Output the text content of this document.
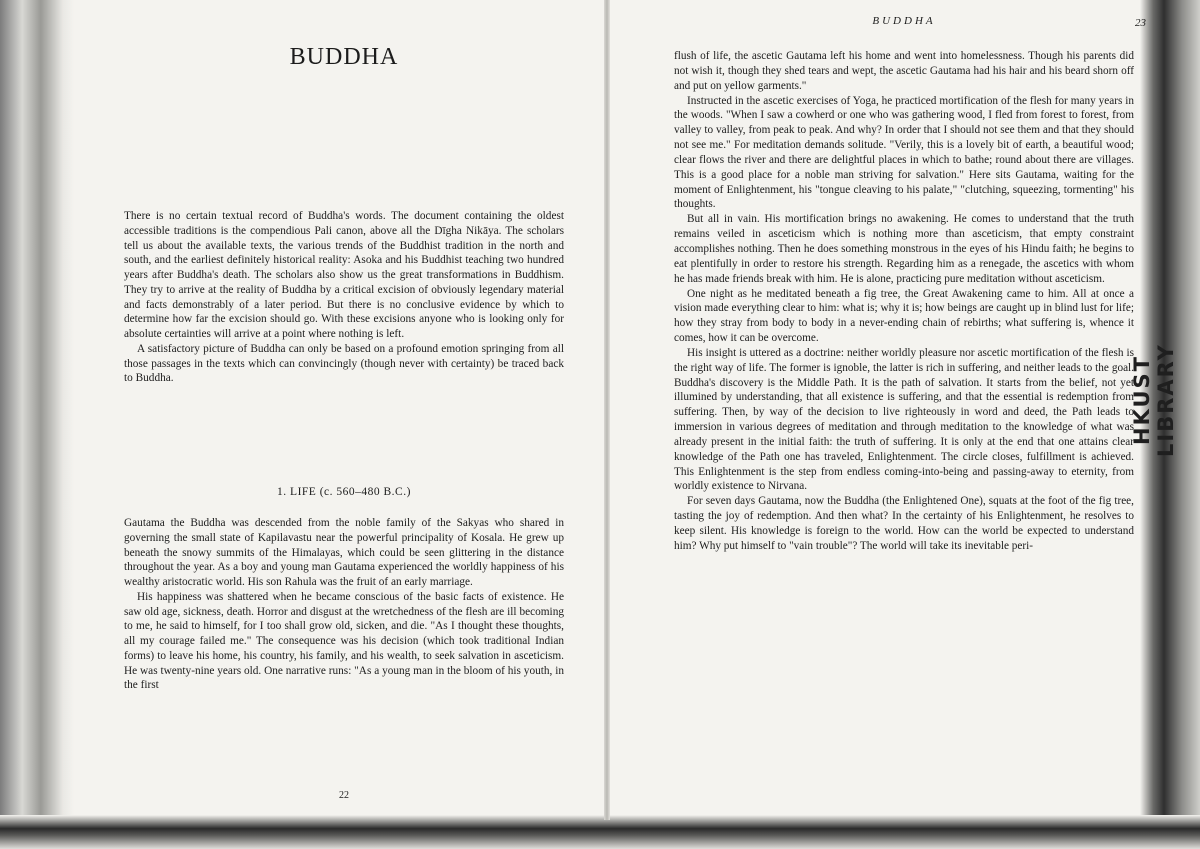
BUDDHA

There is no certain textual record of Buddha's words. The document containing the oldest accessible traditions is the compendious Pali canon, above all the Dīgha Nikāya. The scholars tell us about the available texts, the various trends of the Buddhist tradition in the north and south, and the earliest definitely historical reality: Asoka and his Buddhist teaching two hundred years after Buddha's death. The scholars also show us the great transformations in Buddhism. They try to arrive at the reality of Buddha by a critical excision of obviously legendary material and facts demonstrably of a later period. But there is no conclusive evidence by which to determine how far the excision should go. With these excisions anyone who is looking only for absolute certainties will arrive at a point where nothing is left.

A satisfactory picture of Buddha can only be based on a profound emotion springing from all those passages in the texts which can convincingly (though never with certainty) be traced back to Buddha.

1. LIFE (c. 560–480 B.C.)

Gautama the Buddha was descended from the noble family of the Sakyas who shared in governing the small state of Kapilavastu near the powerful principality of Kosala. He grew up beneath the snowy summits of the Himalayas, which could be seen glittering in the distance throughout the year. As a boy and young man Gautama experienced the worldly happiness of his wealthy aristocratic world. His son Rahula was the fruit of an early marriage.

His happiness was shattered when he became conscious of the basic facts of existence. He saw old age, sickness, death. Horror and disgust at the wretchedness of the flesh are ill becoming to me, he said to himself, for I too shall grow old, sicken, and die. "As I thought these thoughts, all my courage failed me." The consequence was his decision (which took traditional Indian forms) to leave his home, his country, his family, and his wealth, to seek salvation in asceticism. He was twenty-nine years old. One narrative runs: "As a young man in the bloom of his youth, in the first

22
BUDDHA	23

flush of life, the ascetic Gautama left his home and went into homelessness. Though his parents did not wish it, though they shed tears and wept, the ascetic Gautama had his hair and his beard shorn off and put on yellow garments."

Instructed in the ascetic exercises of Yoga, he practiced mortification of the flesh for many years in the woods. "When I saw a cowherd or one who was gathering wood, I fled from forest to forest, from valley to valley, from peak to peak. And why? In order that I should not see them and that they should not see me." For meditation demands solitude. "Verily, this is a lovely bit of earth, a beautiful wood; clear flows the river and there are delightful places in which to bathe; round about there are villages. This is a good place for a noble man striving for salvation." Here sits Gautama, waiting for the moment of Enlightenment, his "tongue cleaving to his palate," "clutching, squeezing, tormenting" his thoughts.

But all in vain. His mortification brings no awakening. He comes to understand that the truth remains veiled in asceticism which is nothing more than asceticism, that empty constraint accomplishes nothing. Then he does something monstrous in the eyes of his Hindu faith; he begins to eat plentifully in order to restore his strength. Regarding him as a renegade, the ascetics with whom he has made friends break with him. He is alone, practicing pure meditation without asceticism.

One night as he meditated beneath a fig tree, the Great Awakening came to him. All at once a vision made everything clear to him: what is; why it is; how beings are caught up in blind lust for life; how they stray from body to body in a never-ending chain of rebirths; what suffering is, whence it comes, how it can be overcome.

His insight is uttered as a doctrine: neither worldly pleasure nor ascetic mortification of the flesh is the right way of life. The former is ignoble, the latter is rich in suffering, and neither leads to the goal. Buddha's discovery is the Middle Path. It is the path of salvation. It starts from the belief, not yet illumined by understanding, that all existence is suffering, and that the essential is redemption from suffering. Then, by way of the decision to live righteously in word and deed, the Path leads to immersion in various degrees of meditation and through meditation to the knowledge of what was already present in the initial faith: the truth of suffering. It is only at the end that one attains clear knowledge of the Path one has traveled, Enlightenment. The circle closes, fulfillment is achieved. This Enlightenment is the step from endless coming-into-being and passing-away to eternity, from worldly existence to Nirvana.

For seven days Gautama, now the Buddha (the Enlightened One), squats at the foot of the fig tree, tasting the joy of redemption. And then what? In the certainty of his Enlightenment, he resolves to keep silent. His knowledge is foreign to the world. How can the world be expected to understand him? Why put himself to "vain trouble"? The world will take its inevitable peri-

HKUST LIBRARY
